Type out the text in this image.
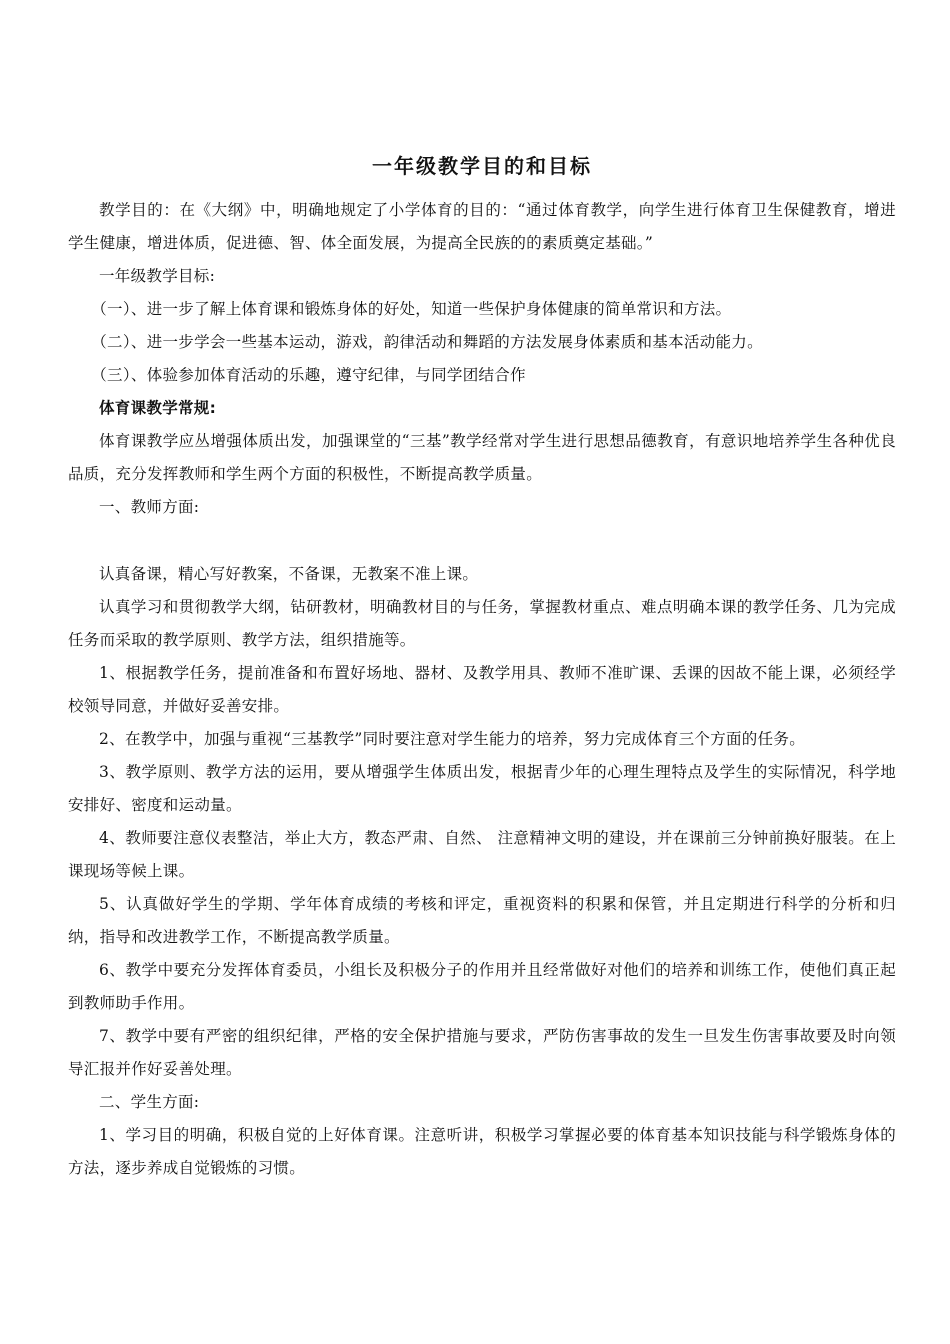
一年级教学目的和目标

教学目的：在《大纲》中，明确地规定了小学体育的目的：“通过体育教学，向学生进行体育卫生保健教育，增进学生健康，增进体质，促进德、智、体全面发展，为提高全民族的的素质奠定基础。”

一年级教学目标:

（一）、进一步了解上体育课和锻炼身体的好处，知道一些保护身体健康的简单常识和方法。

（二）、进一步学会一些基本运动，游戏，韵律活动和舞蹈的方法发展身体素质和基本活动能力。

（三）、体验参加体育活动的乐趣，遵守纪律，与同学团结合作

体育课教学常规:

体育课教学应丛增强体质出发，加强课堂的“三基”教学经常对学生进行思想品德教育，有意识地培养学生各种优良品质，充分发挥教师和学生两个方面的积极性，不断提高教学质量。

一、教师方面:

认真备课，精心写好教案，不备课，无教案不准上课。

认真学习和贯彻教学大纲，钻研教材，明确教材目的与任务，掌握教材重点、难点明确本课的教学任务、几为完成任务而采取的教学原则、教学方法，组织措施等。

1、根据教学任务，提前准备和布置好场地、器材、及教学用具、教师不准旷课、丢课的因故不能上课，必须经学校领导同意，并做好妥善安排。

2、在教学中，加强与重视“三基教学”同时要注意对学生能力的培养，努力完成体育三个方面的任务。

3、教学原则、教学方法的运用，要从增强学生体质出发，根据青少年的心理生理特点及学生的实际情况，科学地安排好、密度和运动量。

4、教师要注意仪表整洁，举止大方，教态严肃、自然、 注意精神文明的建设，并在课前三分钟前换好服装。在上课现场等候上课。

5、认真做好学生的学期、学年体育成绩的考核和评定，重视资料的积累和保管，并且定期进行科学的分析和归纳，指导和改进教学工作，不断提高教学质量。

6、教学中要充分发挥体育委员，小组长及积极分子的作用并且经常做好对他们的培养和训练工作，使他们真正起到教师助手作用。

7、教学中要有严密的组织纪律，严格的安全保护措施与要求，严防伤害事故的发生一旦发生伤害事故要及时向领导汇报并作好妥善处理。

二、学生方面:

1、学习目的明确，积极自觉的上好体育课。注意听讲，积极学习掌握必要的体育基本知识技能与科学锻炼身体的方法，逐步养成自觉锻炼的习惯。
